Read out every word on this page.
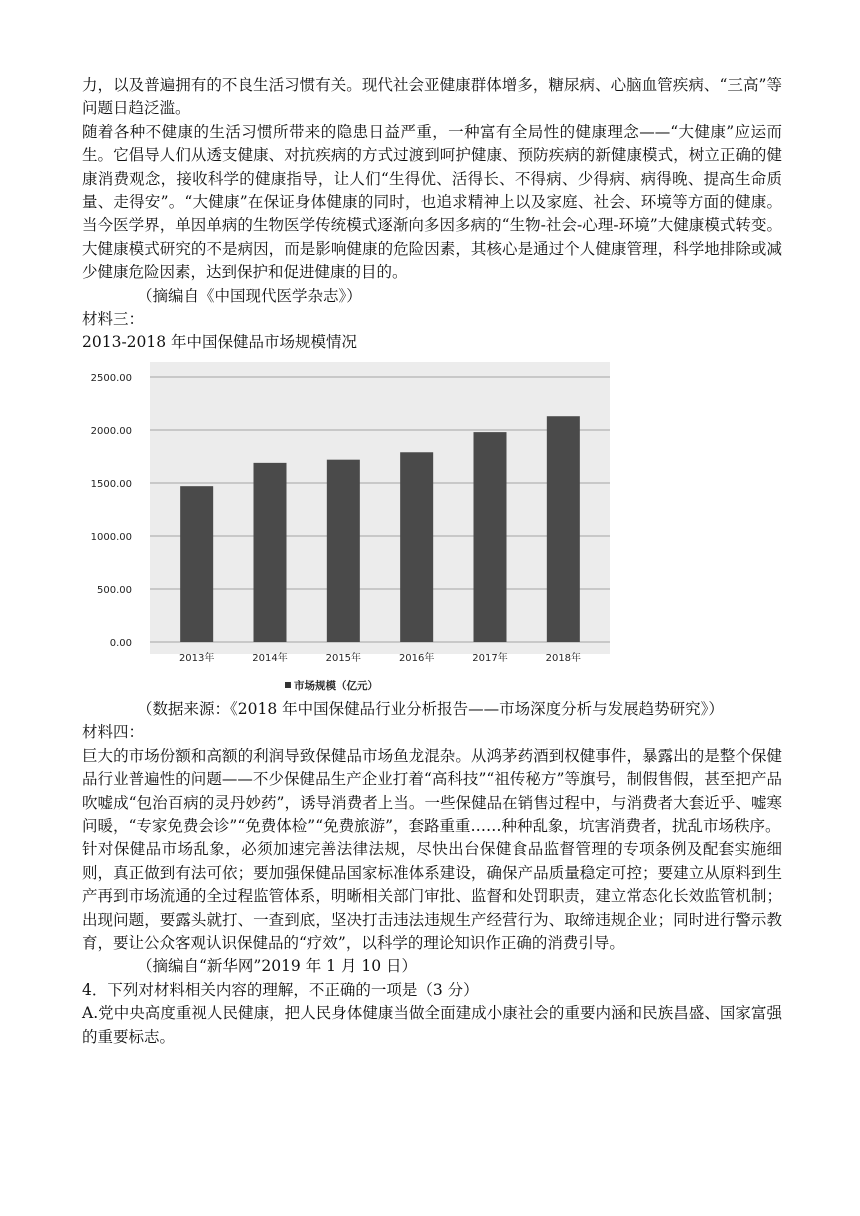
力，以及普遍拥有的不良生活习惯有关。现代社会亚健康群体增多，糖尿病、心脑血管疾病、“三高”等问题日趋泛滥。

随着各种不健康的生活习惯所带来的隐患日益严重，一种富有全局性的健康理念——“大健康”应运而生。它倡导人们从透支健康、对抗疾病的方式过渡到呵护健康、预防疾病的新健康模式，树立正确的健康消费观念，接收科学的健康指导，让人们“生得优、活得长、不得病、少得病、病得晚、提高生命质量、走得安”。“大健康”在保证身体健康的同时，也追求精神上以及家庭、社会、环境等方面的健康。当今医学界，单因单病的生物医学传统模式逐渐向多因多病的“生物-社会-心理-环境”大健康模式转变。大健康模式研究的不是病因，而是影响健康的危险因素，其核心是通过个人健康管理，科学地排除或减少健康危险因素，达到保护和促进健康的目的。

（摘编自《中国现代医学杂志》）

材料三：

2013-2018 年中国保健品市场规模情况

0.00
500.00
1000.00
1500.00
2000.00
2500.00
2013年	2014年	2015年	2016年	2017年	2018年
市场规模（亿元）

（数据来源：《2018 年中国保健品行业分析报告——市场深度分析与发展趋势研究》）

材料四：

巨大的市场份额和高额的利润导致保健品市场鱼龙混杂。从鸿茅药酒到权健事件，暴露出的是整个保健品行业普遍性的问题——不少保健品生产企业打着“高科技”“祖传秘方”等旗号，制假售假，甚至把产品吹嘘成“包治百病的灵丹妙药”，诱导消费者上当。一些保健品在销售过程中，与消费者大套近乎、嘘寒问暖，“专家免费会诊”“免费体检”“免费旅游”，套路重重……种种乱象，坑害消费者，扰乱市场秩序。

针对保健品市场乱象，必须加速完善法律法规，尽快出台保健食品监督管理的专项条例及配套实施细则，真正做到有法可依；要加强保健品国家标准体系建设，确保产品质量稳定可控；要建立从原料到生产再到市场流通的全过程监管体系，明晰相关部门审批、监督和处罚职责，建立常态化长效监管机制；出现问题，要露头就打、一查到底，坚决打击违法违规生产经营行为、取缔违规企业；同时进行警示教育，要让公众客观认识保健品的“疗效”，以科学的理论知识作正确的消费引导。

（摘编自“新华网”2019 年 1 月 10 日）

4．下列对材料相关内容的理解，不正确的一项是（3 分）

A.党中央高度重视人民健康，把人民身体健康当做全面建成小康社会的重要内涵和民族昌盛、国家富强的重要标志。
